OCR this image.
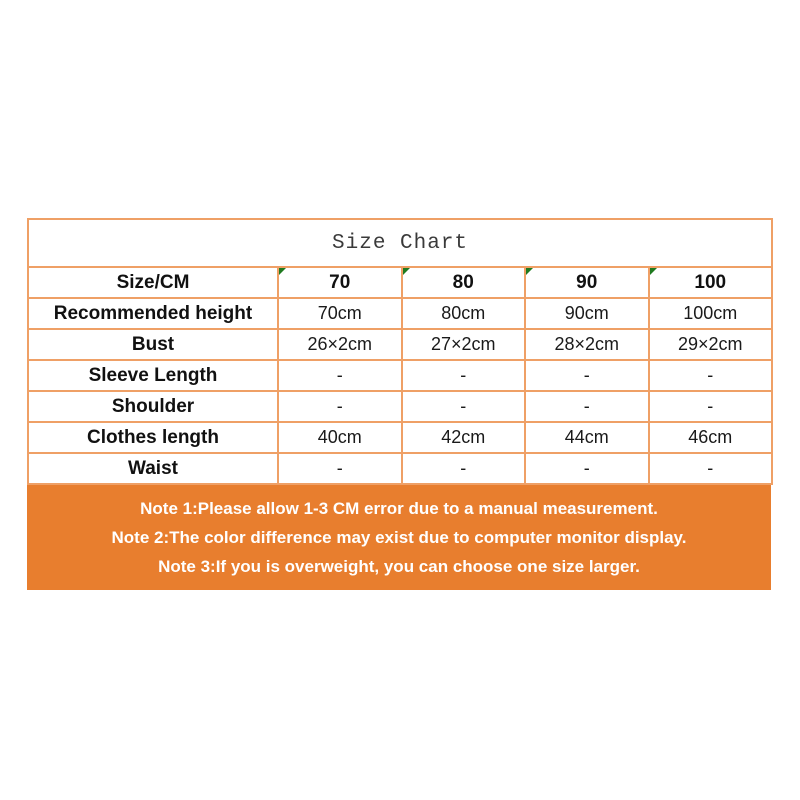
Size Chart				
Size/CM	70	80	90	100
Recommended height	70cm	80cm	90cm	100cm
Bust	26×2cm	27×2cm	28×2cm	29×2cm
Sleeve Length	-	-	-	-
Shoulder	-	-	-	-
Clothes length	40cm	42cm	44cm	46cm
Waist	-	-	-	-
Note 1:Please allow 1-3 CM error due to a manual measurement.
Note 2:The color difference may exist due to computer monitor display.
Note 3:If you is overweight, you can choose one size larger.
